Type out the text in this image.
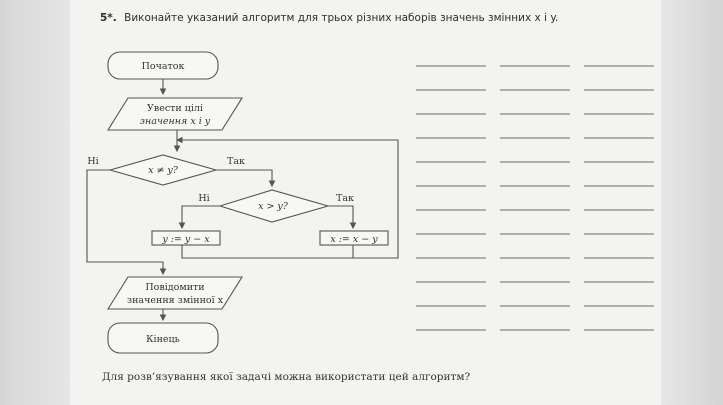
5*. Виконайте указаний алгоритм для трьох різних наборів значень змінних x і y.
Початок
Увести цілі
значення x і y
x ≠ y?
Ні	Так
x > y?
Ні	Так
y := y − x	x := x − y
Повідомити
значення змінної x
Кінець
Для розв’язування якої задачі можна використати цей алгоритм?
